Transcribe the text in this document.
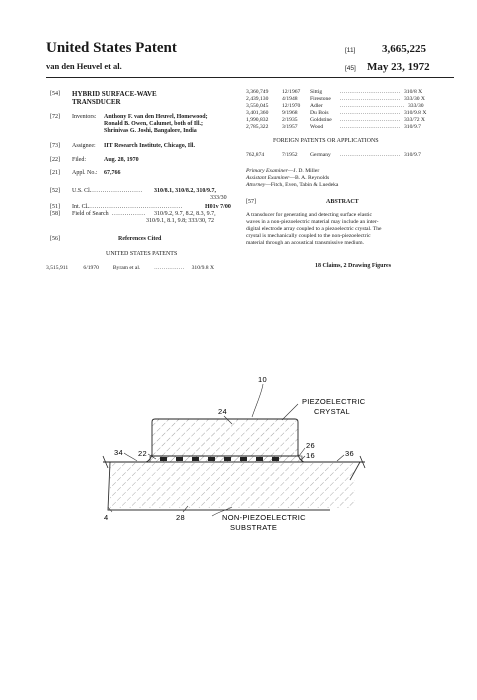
United States Patent
van den Heuvel et al.
[11] 3,665,225
[45] May 23, 1972
[54] HYBRID SURFACE-WAVE
TRANSDUCER
[72] Inventors: Anthony F. van den Heuvel, Homewood;
Ronald B. Owen, Calumet, both of Ill.;
Shrinivas G. Joshi, Bangalore, India
[73] Assignee: IIT Research Institute, Chicago, Ill.
[22] Filed:	Aug. 28, 1970
[21] Appl. No.: 67,766
[52] U.S. Cl.
.......................... 310/8.1, 310/8.2, 310/9.7,
333/30
[51] Int. Cl.
...............................................	H01v 7/00
[58] Field of Search ................ 310/9.2, 9.7, 8.2, 8.3, 9.7,
310/9.1, 8.1, 9.8; 333/30, 72
[56]	References Cited
UNITED STATES PATENTS
3,515,911	6/1970 Byram et al. ................ 310/9.8 X
3,360,749 12/1967 Sittig	................................ 310/8 X
2,439,130 4/1948 Firestone ................................ 333/30 X
3,550,045 12/1970 Adler	.................................. 333/30
3,401,360 9/1968 Du Bois ................................ 310/9.8 X
1,990,832 2/1935 Goldstine ................................ 333/72 X
2,785,322 3/1957 Wood	................................ 310/9.7
FOREIGN PATENTS OR APPLICATIONS
762,874	7/1952 Germany ................................ 310/9.7
Primary Examiner—J. D. Miller
Assistant Examiner—B. A. Reynolds
Attorney—Fitch, Even, Tabin & Luedeka
[57]	ABSTRACT
A transducer for generating and detecting surface elastic
waves in a non-piezoelectric material may include an inter-
digital electrode array coupled to a piezoelectric crystal. The
crystal is mechanically coupled to the non-piezoelectric
material through an acoustical transmissive medium.
18 Claims, 2 Drawing Figures
10
24
PIEZOELECTRIC
CRYSTAL
26
16
34 22	36
4	28	NON-PIEZOELECTRIC
SUBSTRATE
